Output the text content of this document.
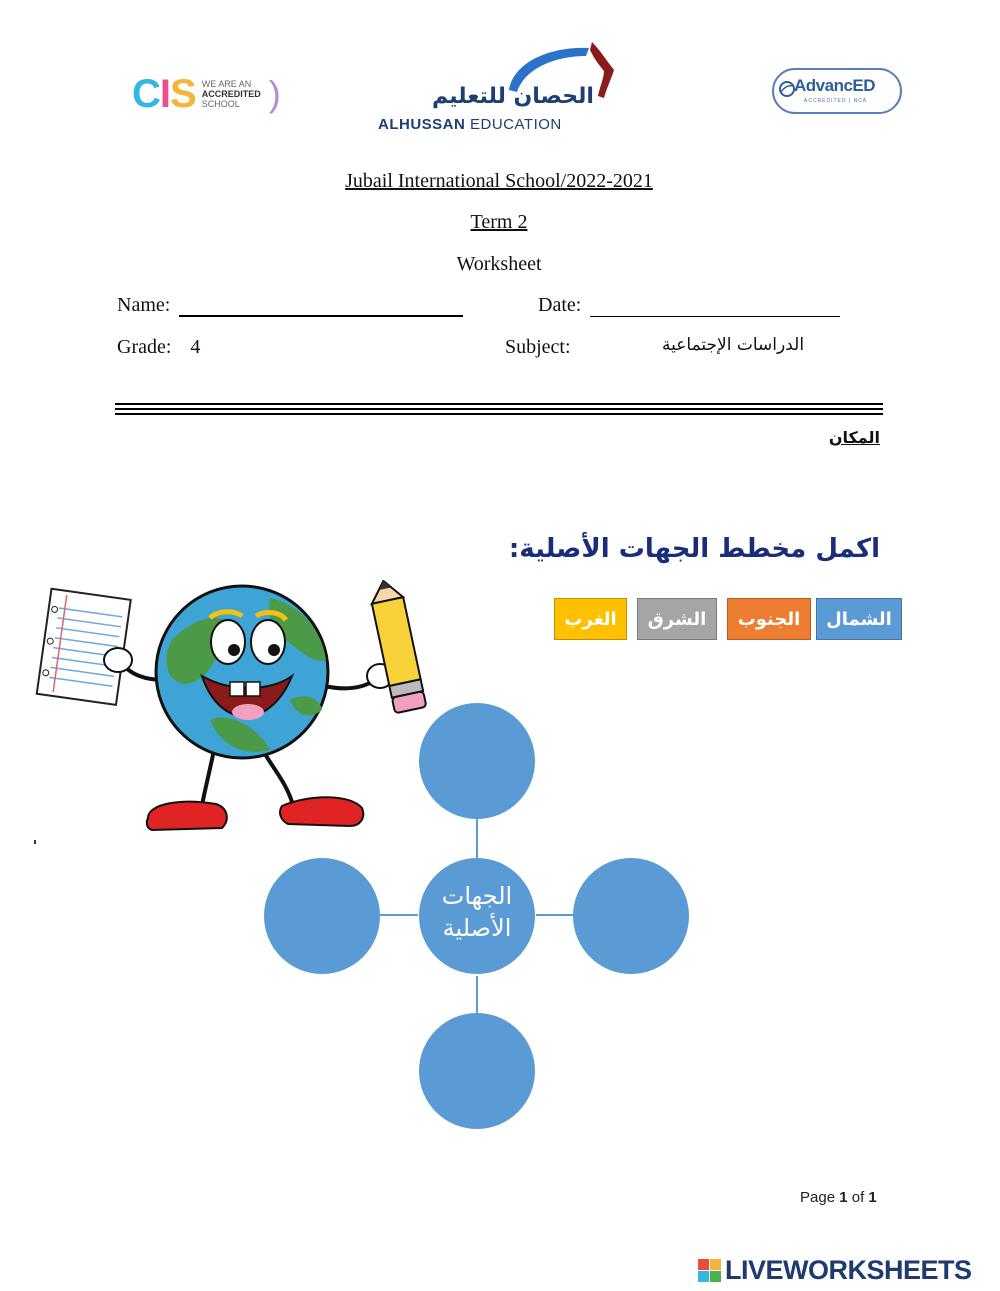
CIS WE ARE AN
ACCREDITED
SCHOOL )	الحصان للتعليم
ALHUSSAN EDUCATION
AdvancED
ACCREDITED | NCA
Jubail International School/2022-2021
Term 2
Worksheet
Name:	Date:
Grade: 4	Subject:	الدراسات الإجتماعية
المكان
اكمل مخطط الجهات الأصلية:
الشمال
الجنوب
الشرق
الغرب
الجهات
الأصلية
Page 1 of 1
LIVEWORKSHEETS
